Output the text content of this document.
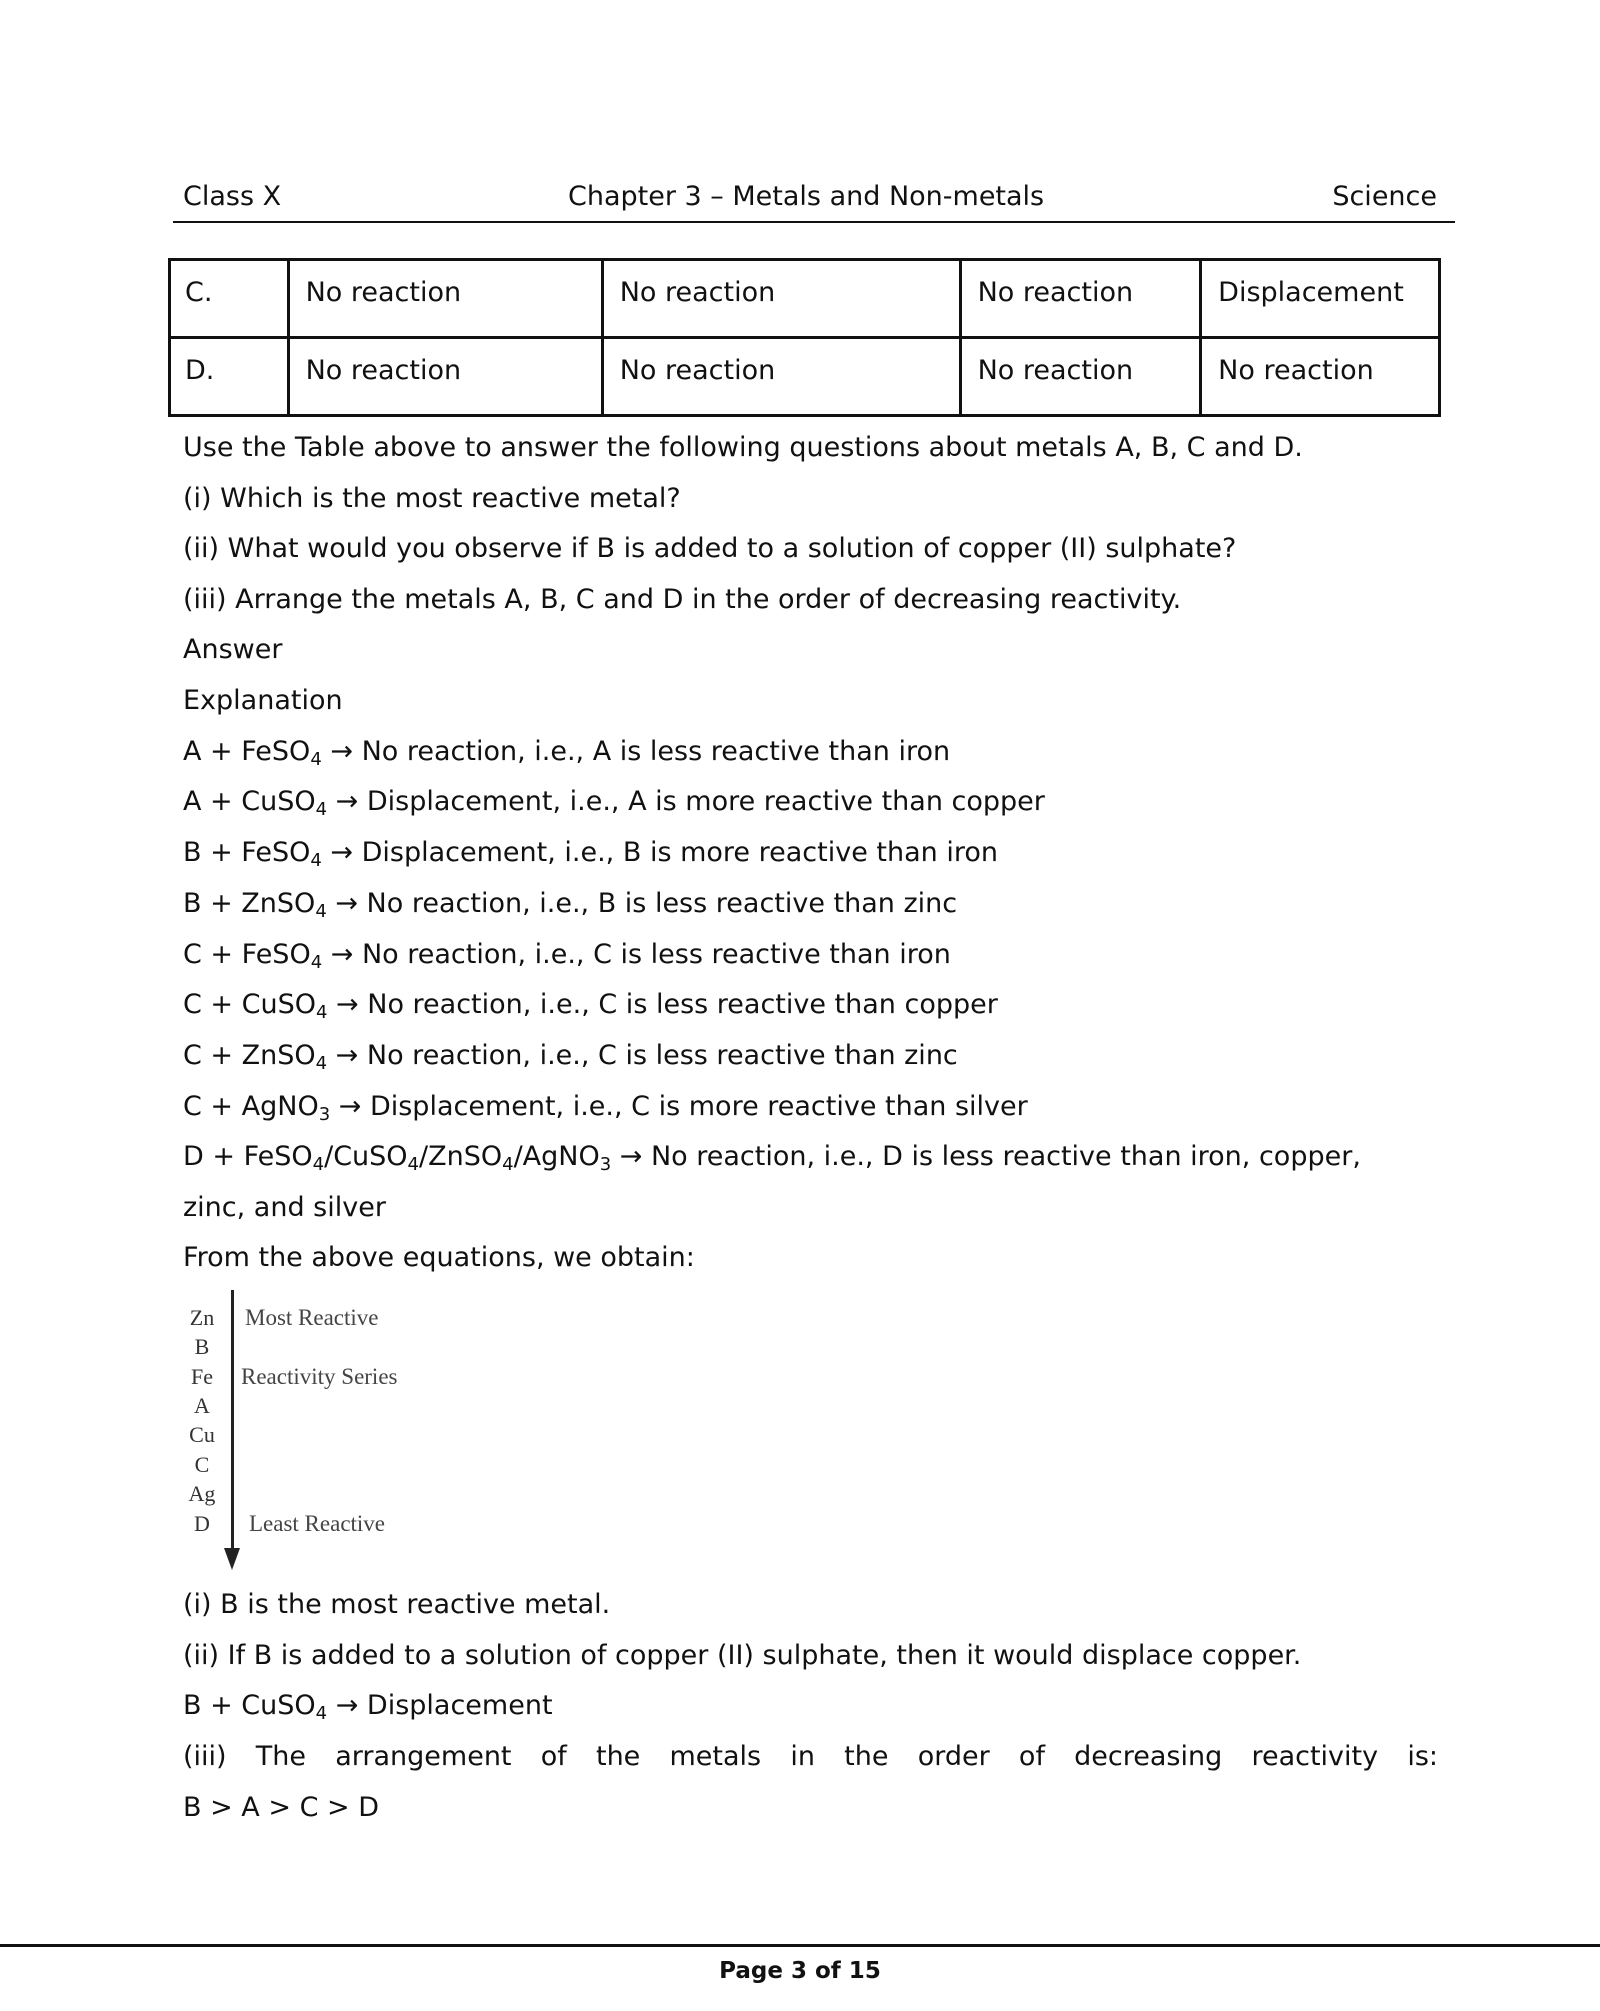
Class X	Chapter 3 – Metals and Non-metals	Science
C.	No reaction	No reaction	No reaction	Displacement
D.	No reaction	No reaction	No reaction	No reaction
Use the Table above to answer the following questions about metals A, B, C and D.
(i) Which is the most reactive metal?
(ii) What would you observe if B is added to a solution of copper (II) sulphate?
(iii) Arrange the metals A, B, C and D in the order of decreasing reactivity.
Answer
Explanation
A + FeSO$_4$ → No reaction, i.e., A is less reactive than iron
A + CuSO$_4$ → Displacement, i.e., A is more reactive than copper
B + FeSO$_4$ → Displacement, i.e., B is more reactive than iron
B + ZnSO$_4$ → No reaction, i.e., B is less reactive than zinc
C + FeSO$_4$ → No reaction, i.e., C is less reactive than iron
C + CuSO$_4$ → No reaction, i.e., C is less reactive than copper
C + ZnSO$_4$ → No reaction, i.e., C is less reactive than zinc
C + AgNO$_3$ → Displacement, i.e., C is more reactive than silver
D + FeSO$_4$/CuSO$_4$/ZnSO$_4$/AgNO$_3$ → No reaction, i.e., D is less reactive than iron, copper,
zinc, and silver
From the above equations, we obtain:
Zn
B
Fe
A
Cu
C
Ag
D
Most Reactive
Reactivity Series
Least Reactive
(i) B is the most reactive metal.
(ii) If B is added to a solution of copper (II) sulphate, then it would displace copper.
B + CuSO$_4$ → Displacement
(iii) The arrangement of the metals in the order of decreasing reactivity is:
B > A > C > D
Page 3 of 15
